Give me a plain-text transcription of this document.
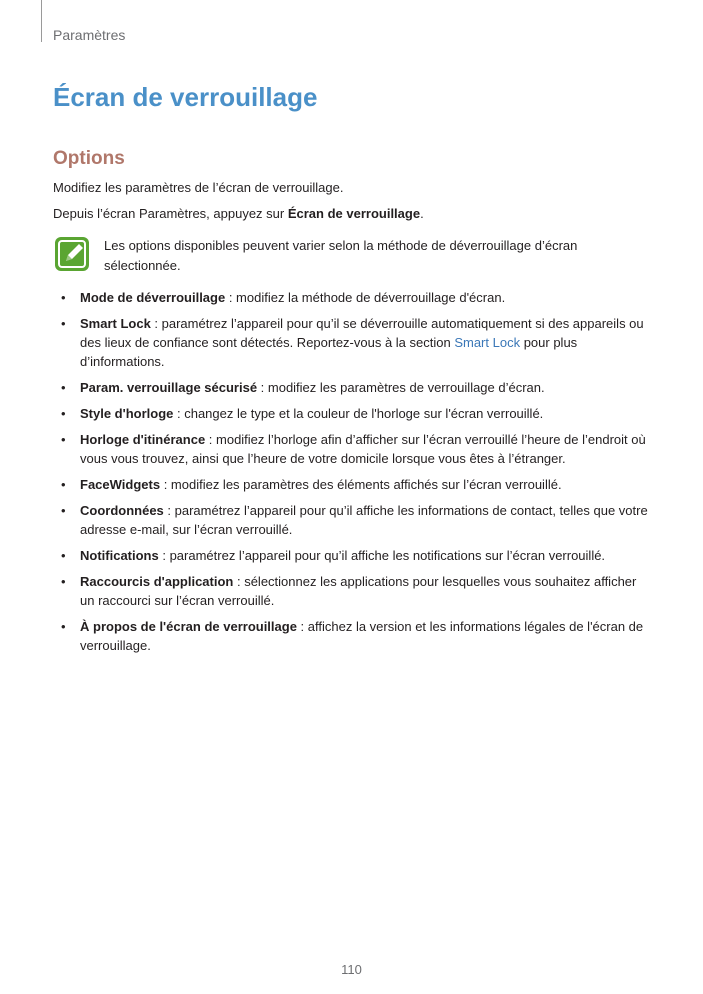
Paramètres
Écran de verrouillage
Options

Modifiez les paramètres de l’écran de verrouillage.

Depuis l’écran Paramètres, appuyez sur Écran de verrouillage.

Les options disponibles peuvent varier selon la méthode de déverrouillage d’écran sélectionnée.

• Mode de déverrouillage : modifiez la méthode de déverrouillage d'écran.
• Smart Lock : paramétrez l’appareil pour qu’il se déverrouille automatiquement si des appareils ou des lieux de confiance sont détectés. Reportez-vous à la section Smart Lock pour plus d’informations.
• Param. verrouillage sécurisé : modifiez les paramètres de verrouillage d’écran.
• Style d'horloge : changez le type et la couleur de l'horloge sur l'écran verrouillé.
• Horloge d'itinérance : modifiez l’horloge afin d’afficher sur l’écran verrouillé l’heure de l’endroit où vous vous trouvez, ainsi que l’heure de votre domicile lorsque vous êtes à l’étranger.
• FaceWidgets : modifiez les paramètres des éléments affichés sur l’écran verrouillé.
• Coordonnées : paramétrez l’appareil pour qu’il affiche les informations de contact, telles que votre adresse e-mail, sur l’écran verrouillé.
• Notifications : paramétrez l’appareil pour qu’il affiche les notifications sur l’écran verrouillé.
• Raccourcis d'application : sélectionnez les applications pour lesquelles vous souhaitez afficher un raccourci sur l’écran verrouillé.
• À propos de l'écran de verrouillage : affichez la version et les informations légales de l'écran de verrouillage.
110
